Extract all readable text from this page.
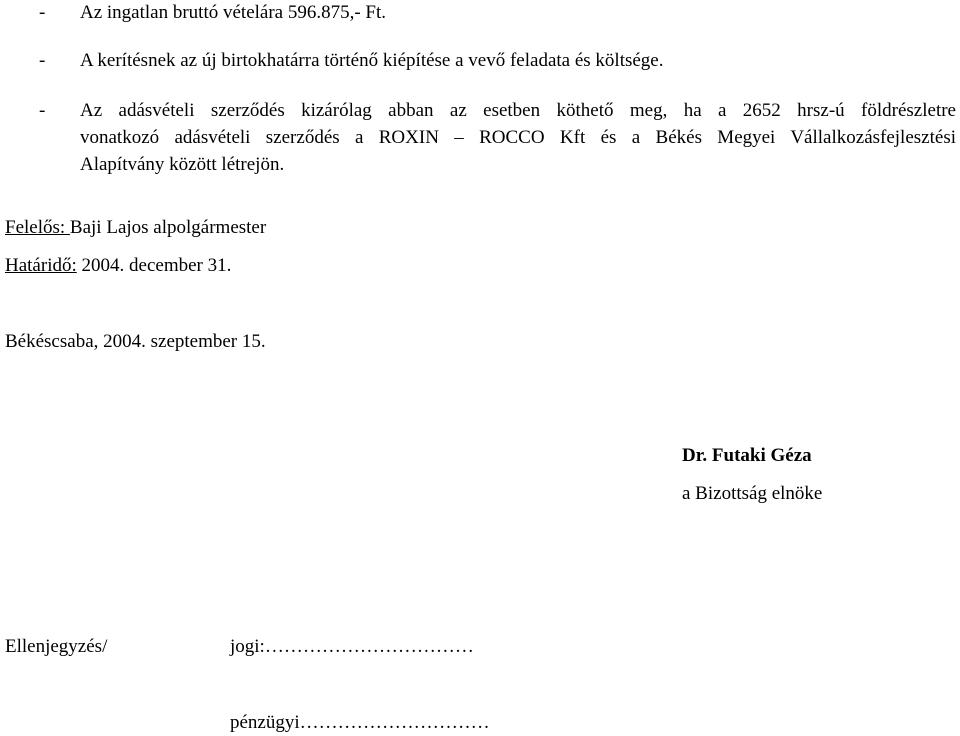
- Az ingatlan bruttó vételára 596.875,- Ft.
- A kerítésnek az új birtokhatárra történő kiépítése a vevő feladata és költsége.
- Az adásvételi szerződés kizárólag abban az esetben köthető meg, ha a 2652 hrsz-ú földrészletre
vonatkozó adásvételi szerződés a ROXIN – ROCCO Kft és a Békés Megyei Vállalkozásfejlesztési
Alapítvány között létrejön.
Felelős: Baji Lajos alpolgármester
Határidő: 2004. december 31.
Békéscsaba, 2004. szeptember 15.
Dr. Futaki Géza
a Bizottság elnöke
Ellenjegyzés/	jogi:……………………………
pénzügyi…………………………
